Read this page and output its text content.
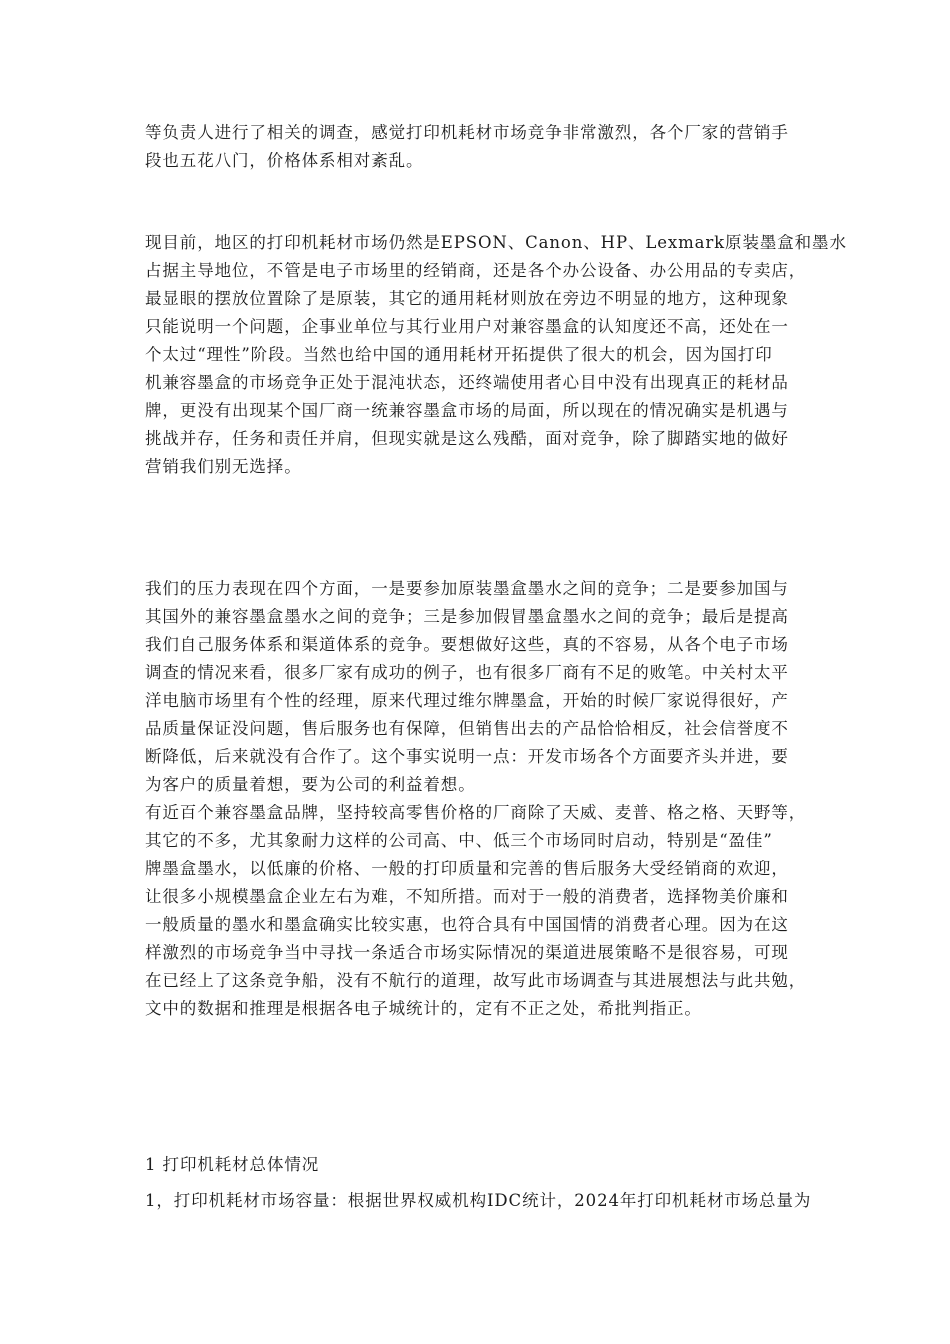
等负责人进行了相关的调查，感觉打印机耗材市场竞争非常激烈，各个厂家的营销手
段也五花八门，价格体系相对紊乱。
现目前，地区的打印机耗材市场仍然是EPSON、Canon、HP、Lexmark原装墨盒和墨水
占据主导地位，不管是电子市场里的经销商，还是各个办公设备、办公用品的专卖店，
最显眼的摆放位置除了是原装，其它的通用耗材则放在旁边不明显的地方，这种现象
只能说明一个问题，企事业单位与其行业用户对兼容墨盒的认知度还不高，还处在一
个太过“理性”阶段。当然也给中国的通用耗材开拓提供了很大的机会，因为国打印
机兼容墨盒的市场竞争正处于混沌状态，还终端使用者心目中没有出现真正的耗材品
牌，更没有出现某个国厂商一统兼容墨盒市场的局面，所以现在的情况确实是机遇与
挑战并存，任务和责任并肩，但现实就是这么残酷，面对竞争，除了脚踏实地的做好
营销我们别无选择。
我们的压力表现在四个方面，一是要参加原装墨盒墨水之间的竞争；二是要参加国与
其国外的兼容墨盒墨水之间的竞争；三是参加假冒墨盒墨水之间的竞争；最后是提高
我们自己服务体系和渠道体系的竞争。要想做好这些，真的不容易，从各个电子市场
调查的情况来看，很多厂家有成功的例子，也有很多厂商有不足的败笔。中关村太平
洋电脑市场里有个性的经理，原来代理过维尔牌墨盒，开始的时候厂家说得很好，产
品质量保证没问题，售后服务也有保障，但销售出去的产品恰恰相反，社会信誉度不
断降低，后来就没有合作了。这个事实说明一点：开发市场各个方面要齐头并进，要
为客户的质量着想，要为公司的利益着想。
有近百个兼容墨盒品牌，坚持较高零售价格的厂商除了天威、麦普、格之格、天野等，
其它的不多，尤其象耐力这样的公司高、中、低三个市场同时启动，特别是“盈佳”
牌墨盒墨水，以低廉的价格、一般的打印质量和完善的售后服务大受经销商的欢迎，
让很多小规模墨盒企业左右为难，不知所措。而对于一般的消费者，选择物美价廉和
一般质量的墨水和墨盒确实比较实惠，也符合具有中国国情的消费者心理。因为在这
样激烈的市场竞争当中寻找一条适合市场实际情况的渠道进展策略不是很容易，可现
在已经上了这条竞争船，没有不航行的道理，故写此市场调查与其进展想法与此共勉，
文中的数据和推理是根据各电子城统计的，定有不正之处，希批判指正。
1 打印机耗材总体情况
1，打印机耗材市场容量：根据世界权威机构IDC统计，2024年打印机耗材市场总量为
